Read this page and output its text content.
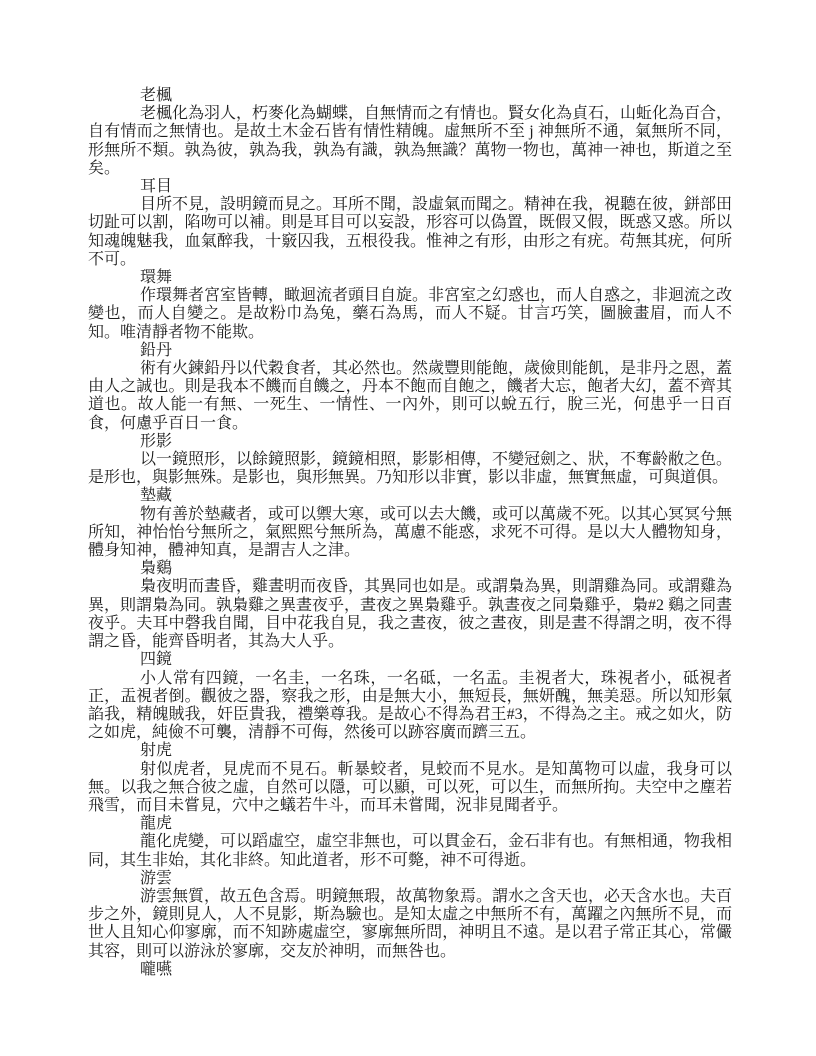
老楓
老楓化為羽人，朽麥化為蝴蝶，自無情而之有情也。賢女化為貞石，山蚯化為百合，自有情而之無情也。是故土木金石皆有情性精魄。虛無所不至 j 神無所不通，氣無所不同，形無所不類。孰為彼，孰為我，孰為有識，孰為無識？萬物一物也，萬神一神也，斯道之至矣。
耳目
目所不見，設明鏡而見之。耳所不聞，設虛氣而聞之。精神在我，視聽在彼，鉼部田切趾可以割，陷吻可以補。則是耳目可以妄設，形容可以偽置，既假又假，既惑又惑。所以知魂魄魅我，血氣醉我，十竅囚我，五根役我。惟神之有形，由形之有疣。苟無其疣，何所不可。
環舞
作環舞者宮室皆轉，瞰迴流者頭目自旋。非宮室之幻惑也，而人自惑之，非迴流之改變也，而人自變之。是故粉巾為兔，藥石為馬，而人不疑。甘言巧笑，圖臉畫眉，而人不知。唯清靜者物不能欺。
鉛丹
術有火鍊鉛丹以代穀食者，其必然也。然歲豐則能飽，歲儉則能飢，是非丹之恩，蓋由人之誠也。則是我本不饑而自饑之，丹本不飽而自飽之，饑者大忘，飽者大幻，蓋不齊其道也。故人能一有無、一死生、一情性、一內外，則可以蛻五行，脫三光，何患乎一日百食，何慮乎百日一食。
形影
以一鏡照形，以餘鏡照影，鏡鏡相照，影影相傳，不變冠劍之、狀，不奪齡敝之色。是形也，與影無殊。是影也，與形無異。乃知形以非實，影以非虛，無實無虛，可與道俱。
墊藏
物有善於墊藏者，或可以禦大寒，或可以去大饑，或可以萬歲不死。以其心冥冥兮無所知，神怡怡兮無所之，氣熙熙兮無所為，萬慮不能惑，求死不可得。是以大人體物知身，體身知神，體神知真，是謂吉人之津。
梟鷄
梟夜明而晝昏，雞晝明而夜昏，其異同也如是。或謂梟為異，則謂雞為同。或謂雞為異，則謂梟為同。孰梟雞之異晝夜乎，晝夜之異梟雞乎。孰晝夜之同梟雞乎，梟#2 鷄之同晝夜乎。夫耳中磬我自聞，目中花我自見，我之晝夜，彼之晝夜，則是晝不得謂之明，夜不得謂之昏，能齊昏明者，其為大人乎。
四鏡
小人常有四鏡，一名圭，一名珠，一名砥，一名盂。圭視者大，珠視者小，砥視者正，盂視者倒。觀彼之器，察我之形，由是無大小，無短長，無妍醜，無美惡。所以知形氣諂我，精魄賊我，奸臣貴我，禮樂尊我。是故心不得為君王#3，不得為之主。戒之如火，防之如虎，純儉不可襲，清靜不可侮，然後可以跡容廣而躋三五。
射虎
射似虎者，見虎而不見石。斬暴蛟者，見蛟而不見水。是知萬物可以虛，我身可以無。以我之無合彼之虛，自然可以隱，可以顯，可以死，可以生，而無所拘。夫空中之塵若飛雪，而目未嘗見，穴中之蟻若牛斗，而耳未嘗聞，況非見聞者乎。
龍虎
龍化虎變，可以蹈虛空，虛空非無也，可以貫金石，金石非有也。有無相通，物我相同，其生非始，其化非終。知此道者，形不可斃，神不可得逝。
游雲
游雲無質，故五色含焉。明鏡無瑕，故萬物象焉。謂水之含天也，必天含水也。夫百步之外，鏡則見人，人不見影，斯為驗也。是知太虛之中無所不有，萬躍之內無所不見，而世人且知心仰寥廓，而不知跡處虛空，寥廓無所問，神明且不遠。是以君子常正其心，常儼其容，則可以游泳於寥廓，交友於神明，而無咎也。
嚨嚥
